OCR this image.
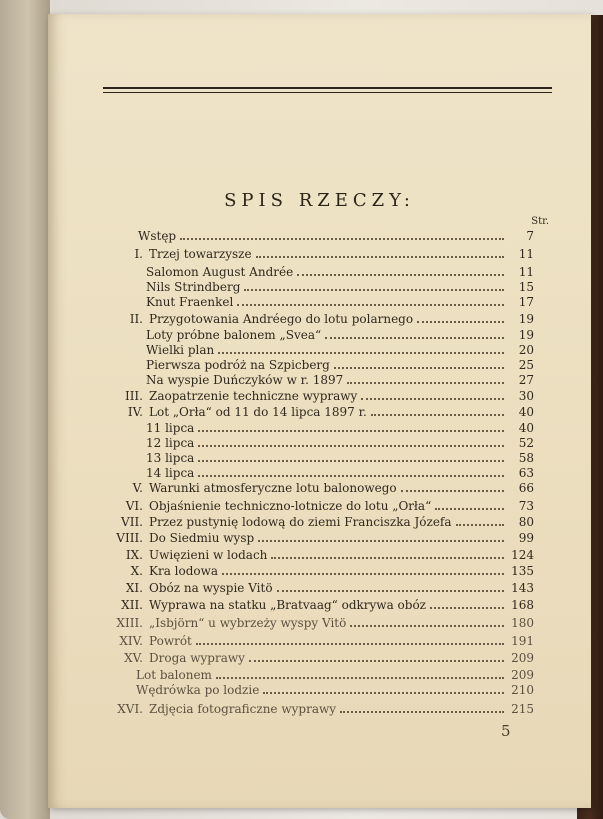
SPIS RZECZY:
Str.
Wstęp	7
I. Trzej towarzysze	11
Salomon August Andrée	11
Nils Strindberg	15
Knut Fraenkel	17
II. Przygotowania Andréego do lotu polarnego	19
Loty próbne balonem „Svea“	19
Wielki plan	20
Pierwsza podróż na Szpicberg	25
Na wyspie Duńczyków w r. 1897	27
III. Zaopatrzenie techniczne wyprawy	30
IV. Lot „Orła“ od 11 do 14 lipca 1897 r.	40
11 lipca	40
12 lipca	52
13 lipca	58
14 lipca	63
V. Warunki atmosferyczne lotu balonowego	66
VI. Objaśnienie techniczno-lotnicze do lotu „Orła“	73
VII. Przez pustynię lodową do ziemi Franciszka Józefa	80
VIII. Do Siedmiu wysp	99
IX. Uwięzieni w lodach	124
X. Kra lodowa	135
XI. Obóz na wyspie Vitö	143
XII. Wyprawa na statku „Bratvaag“ odkrywa obóz	168
XIII. „Isbjörn“ u wybrzeży wyspy Vitö	180
XIV. Powrót	191
XV. Droga wyprawy	209
Lot balonem	209
Wędrówka po lodzie	210
XVI. Zdjęcia fotograficzne wyprawy	215
5
